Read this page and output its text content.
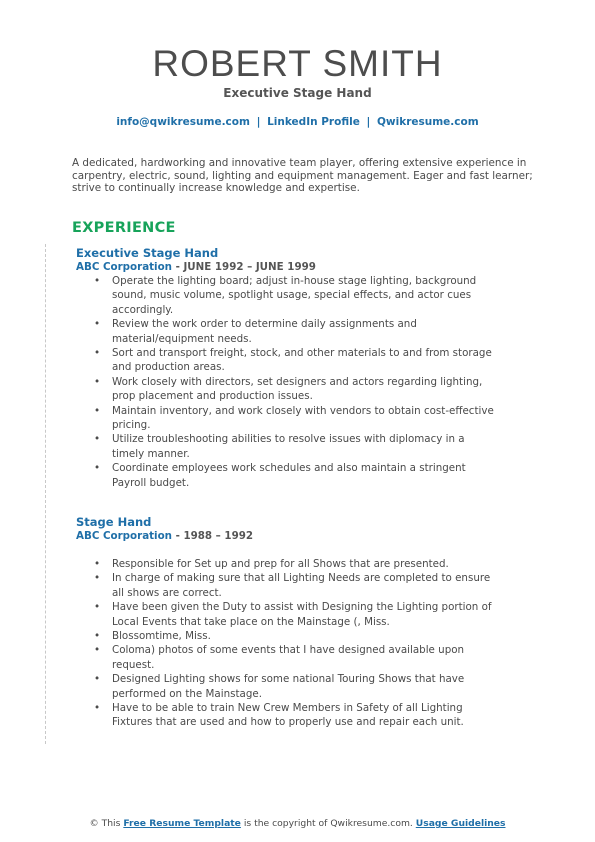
ROBERT SMITH
Executive Stage Hand
info@qwikresume.com | LinkedIn Profile | Qwikresume.com
A dedicated, hardworking and innovative team player, offering extensive experience in carpentry, electric, sound, lighting and equipment management. Eager and fast learner; strive to continually increase knowledge and expertise.
EXPERIENCE
Executive Stage Hand
ABC Corporation - JUNE 1992 – JUNE 1999
• Operate the lighting board; adjust in-house stage lighting, background sound, music volume, spotlight usage, special effects, and actor cues accordingly.
• Review the work order to determine daily assignments and material/equipment needs.
• Sort and transport freight, stock, and other materials to and from storage and production areas.
• Work closely with directors, set designers and actors regarding lighting, prop placement and production issues.
• Maintain inventory, and work closely with vendors to obtain cost-effective pricing.
• Utilize troubleshooting abilities to resolve issues with diplomacy in a timely manner.
• Coordinate employees work schedules and also maintain a stringent Payroll budget.
Stage Hand
ABC Corporation - 1988 – 1992
• Responsible for Set up and prep for all Shows that are presented.
• In charge of making sure that all Lighting Needs are completed to ensure all shows are correct.
• Have been given the Duty to assist with Designing the Lighting portion of Local Events that take place on the Mainstage (, Miss.
• Blossomtime, Miss.
• Coloma) photos of some events that I have designed available upon request.
• Designed Lighting shows for some national Touring Shows that have performed on the Mainstage.
• Have to be able to train New Crew Members in Safety of all Lighting Fixtures that are used and how to properly use and repair each unit.
© This Free Resume Template is the copyright of Qwikresume.com. Usage Guidelines
